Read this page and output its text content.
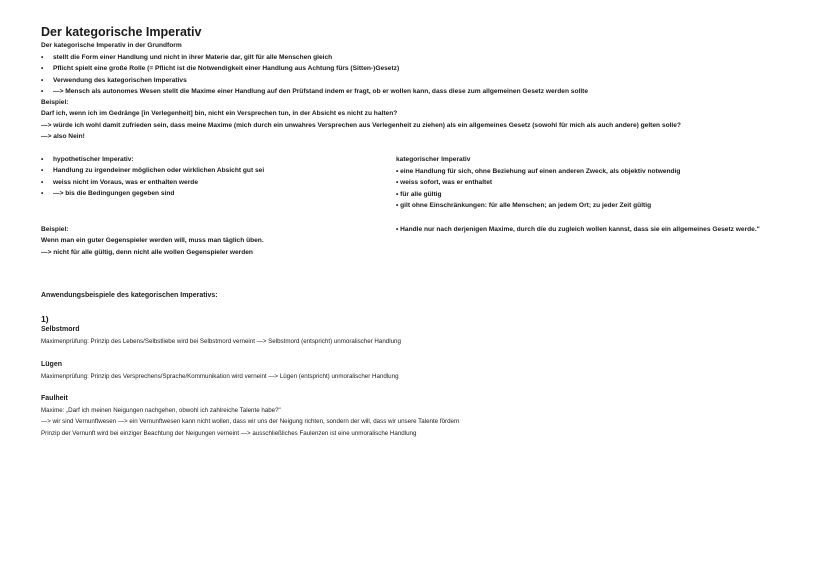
Der kategorische Imperativ
Der kategorische Imperativ in der Grundform
• stellt die Form einer Handlung und nicht in ihrer Materie dar, gilt für alle Menschen gleich
• Pflicht spielt eine große Rolle (= Pflicht ist die Notwendigkeit einer Handlung aus Achtung fürs (Sitten-)Gesetz)
• Verwendung des kategorischen Imperativs
• —> Mensch als autonomes Wesen stellt die Maxime einer Handlung auf den Prüfstand indem er fragt, ob er wollen kann, dass diese zum allgemeinen Gesetz werden sollte
Beispiel:
Darf ich, wenn ich im Gedränge [in Verlegenheit] bin, nicht ein Versprechen tun, in der Absicht es nicht zu halten?
—> würde ich wohl damit zufrieden sein, dass meine Maxime (mich durch ein unwahres Versprechen aus Verlegenheit zu ziehen) als ein allgemeines Gesetz (sowohl für mich als auch andere) gelten solle?
—> also Nein!
• hypothetischer Imperativ:
• Handlung zu irgendeiner möglichen oder wirklichen Absicht gut sei
• weiss nicht im Voraus, was er enthalten werde
• —> bis die Bedingungen gegeben sind
kategorischer Imperativ
• eine Handlung für sich, ohne Beziehung auf einen anderen Zweck, als objektiv notwendig
• weiss sofort, was er enthaltet
• für alle gültig
• gilt ohne Einschränkungen: für alle Menschen; an jedem Ort; zu jeder Zeit gültig
Beispiel:
Wenn man ein guter Gegenspieler werden will, muss man täglich üben.
—> nicht für alle gültig, denn nicht alle wollen Gegenspieler werden
• Handle nur nach derjenigen Maxime, durch die du zugleich wollen kannst, dass sie ein allgemeines Gesetz werde."
Anwendungsbeispiele des kategorischen Imperativs:
1)
Selbstmord
Maximenprüfung: Prinzip des Lebens/Selbstliebe wird bei Selbstmord verneint —> Selbstmord (entspricht) unmoralischer Handlung
Lügen
Maximenprüfung: Prinzip des Versprechens/Sprache/Kommunikation wird verneint —> Lügen (entspricht) unmoralischer Handlung
Faulheit
Maxime: „Darf ich meinen Neigungen nachgehen, obwohl ich zahlreiche Talente habe?"
—> wir sind Vernunftwesen —> ein Vernunftwesen kann nicht wollen, dass wir uns der Neigung richten, sondern der will, dass wir unsere Talente fördern
Prinzip der Vernunft wird bei einziger Beachtung der Neigungen verneint —> ausschließliches Faulenzen ist eine unmoralische Handlung
